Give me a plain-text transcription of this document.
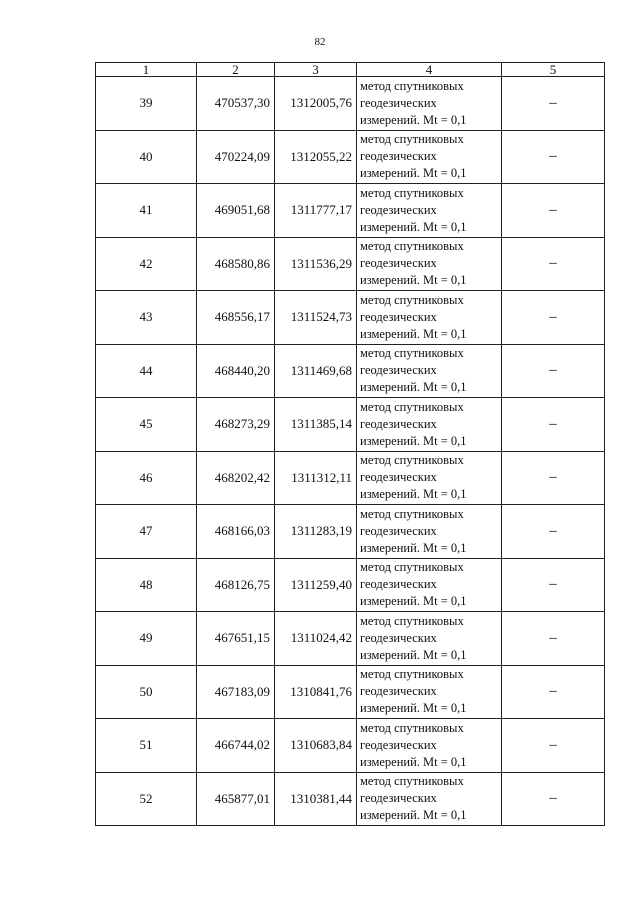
82
1	2	3	4	5
39	470537,30	1312005,76	метод спутниковых
геодезических
измерений. Mt = 0,1	–
40	470224,09	1312055,22	метод спутниковых
геодезических
измерений. Mt = 0,1	–
41	469051,68	1311777,17	метод спутниковых
геодезических
измерений. Mt = 0,1	–
42	468580,86	1311536,29	метод спутниковых
геодезических
измерений. Mt = 0,1	–
43	468556,17	1311524,73	метод спутниковых
геодезических
измерений. Mt = 0,1	–
44	468440,20	1311469,68	метод спутниковых
геодезических
измерений. Mt = 0,1	–
45	468273,29	1311385,14	метод спутниковых
геодезических
измерений. Mt = 0,1	–
46	468202,42	1311312,11	метод спутниковых
геодезических
измерений. Mt = 0,1	–
47	468166,03	1311283,19	метод спутниковых
геодезических
измерений. Mt = 0,1	–
48	468126,75	1311259,40	метод спутниковых
геодезических
измерений. Mt = 0,1	–
49	467651,15	1311024,42	метод спутниковых
геодезических
измерений. Mt = 0,1	–
50	467183,09	1310841,76	метод спутниковых
геодезических
измерений. Mt = 0,1	–
51	466744,02	1310683,84	метод спутниковых
геодезических
измерений. Mt = 0,1	–
52	465877,01	1310381,44	метод спутниковых
геодезических
измерений. Mt = 0,1	–
